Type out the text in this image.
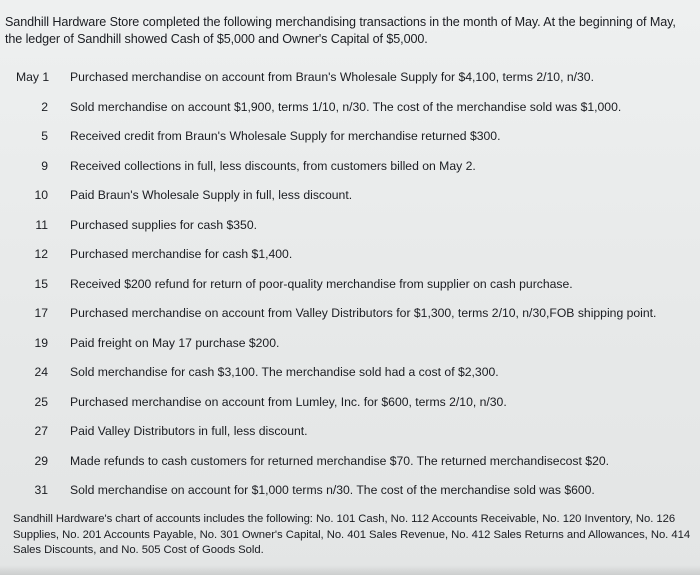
Sandhill Hardware Store completed the following merchandising transactions in the month of May. At the beginning of May, the ledger of Sandhill showed Cash of $5,000 and Owner's Capital of $5,000.

May 1 Purchased merchandise on account from Braun's Wholesale Supply for $4,100, terms 2/10, n/30.
2 Sold merchandise on account $1,900, terms 1/10, n/30. The cost of the merchandise sold was $1,000.
5 Received credit from Braun's Wholesale Supply for merchandise returned $300.
9 Received collections in full, less discounts, from customers billed on May 2.
10 Paid Braun's Wholesale Supply in full, less discount.
11 Purchased supplies for cash $350.
12 Purchased merchandise for cash $1,400.
15 Received $200 refund for return of poor-quality merchandise from supplier on cash purchase.
17 Purchased merchandise on account from Valley Distributors for $1,300, terms 2/10, n/30,FOB shipping point.
19 Paid freight on May 17 purchase $200.
24 Sold merchandise for cash $3,100. The merchandise sold had a cost of $2,300.
25 Purchased merchandise on account from Lumley, Inc. for $600, terms 2/10, n/30.
27 Paid Valley Distributors in full, less discount.
29 Made refunds to cash customers for returned merchandise $70. The returned merchandisecost $20.
31 Sold merchandise on account for $1,000 terms n/30. The cost of the merchandise sold was $600.

Sandhill Hardware's chart of accounts includes the following: No. 101 Cash, No. 112 Accounts Receivable, No. 120 Inventory, No. 126 Supplies, No. 201 Accounts Payable, No. 301 Owner's Capital, No. 401 Sales Revenue, No. 412 Sales Returns and Allowances, No. 414 Sales Discounts, and No. 505 Cost of Goods Sold.
